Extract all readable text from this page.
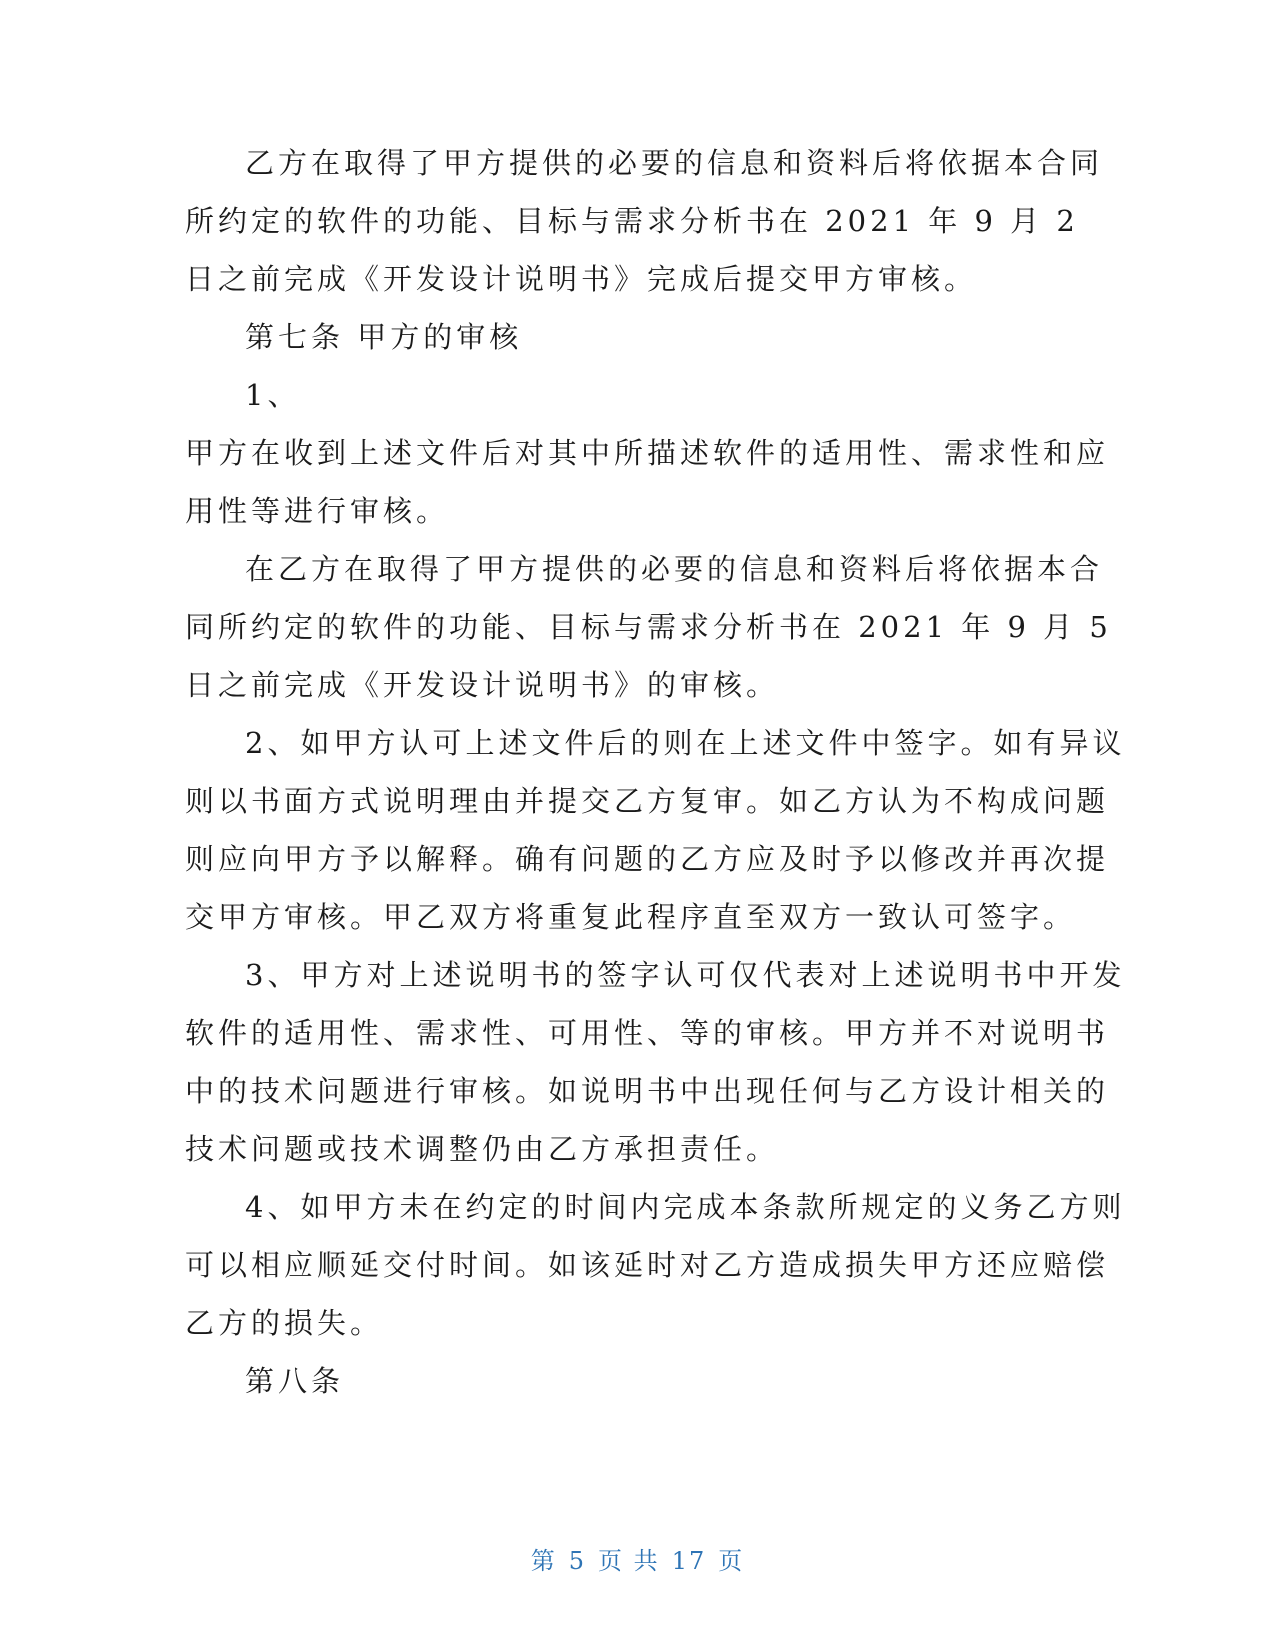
乙方在取得了甲方提供的必要的信息和资料后将依据本合同

所约定的软件的功能、目标与需求分析书在 2021 年 9 月 2

日之前完成《开发设计说明书》完成后提交甲方审核。

第七条 甲方的审核

1、

甲方在收到上述文件后对其中所描述软件的适用性、需求性和应

用性等进行审核。

在乙方在取得了甲方提供的必要的信息和资料后将依据本合

同所约定的软件的功能、目标与需求分析书在 2021 年 9 月 5

日之前完成《开发设计说明书》的审核。

2、如甲方认可上述文件后的则在上述文件中签字。如有异议

则以书面方式说明理由并提交乙方复审。如乙方认为不构成问题

则应向甲方予以解释。确有问题的乙方应及时予以修改并再次提

交甲方审核。甲乙双方将重复此程序直至双方一致认可签字。

3、甲方对上述说明书的签字认可仅代表对上述说明书中开发

软件的适用性、需求性、可用性、等的审核。甲方并不对说明书

中的技术问题进行审核。如说明书中出现任何与乙方设计相关的

技术问题或技术调整仍由乙方承担责任。

4、如甲方未在约定的时间内完成本条款所规定的义务乙方则

可以相应顺延交付时间。如该延时对乙方造成损失甲方还应赔偿

乙方的损失。

第八条

第 5 页 共 17 页
